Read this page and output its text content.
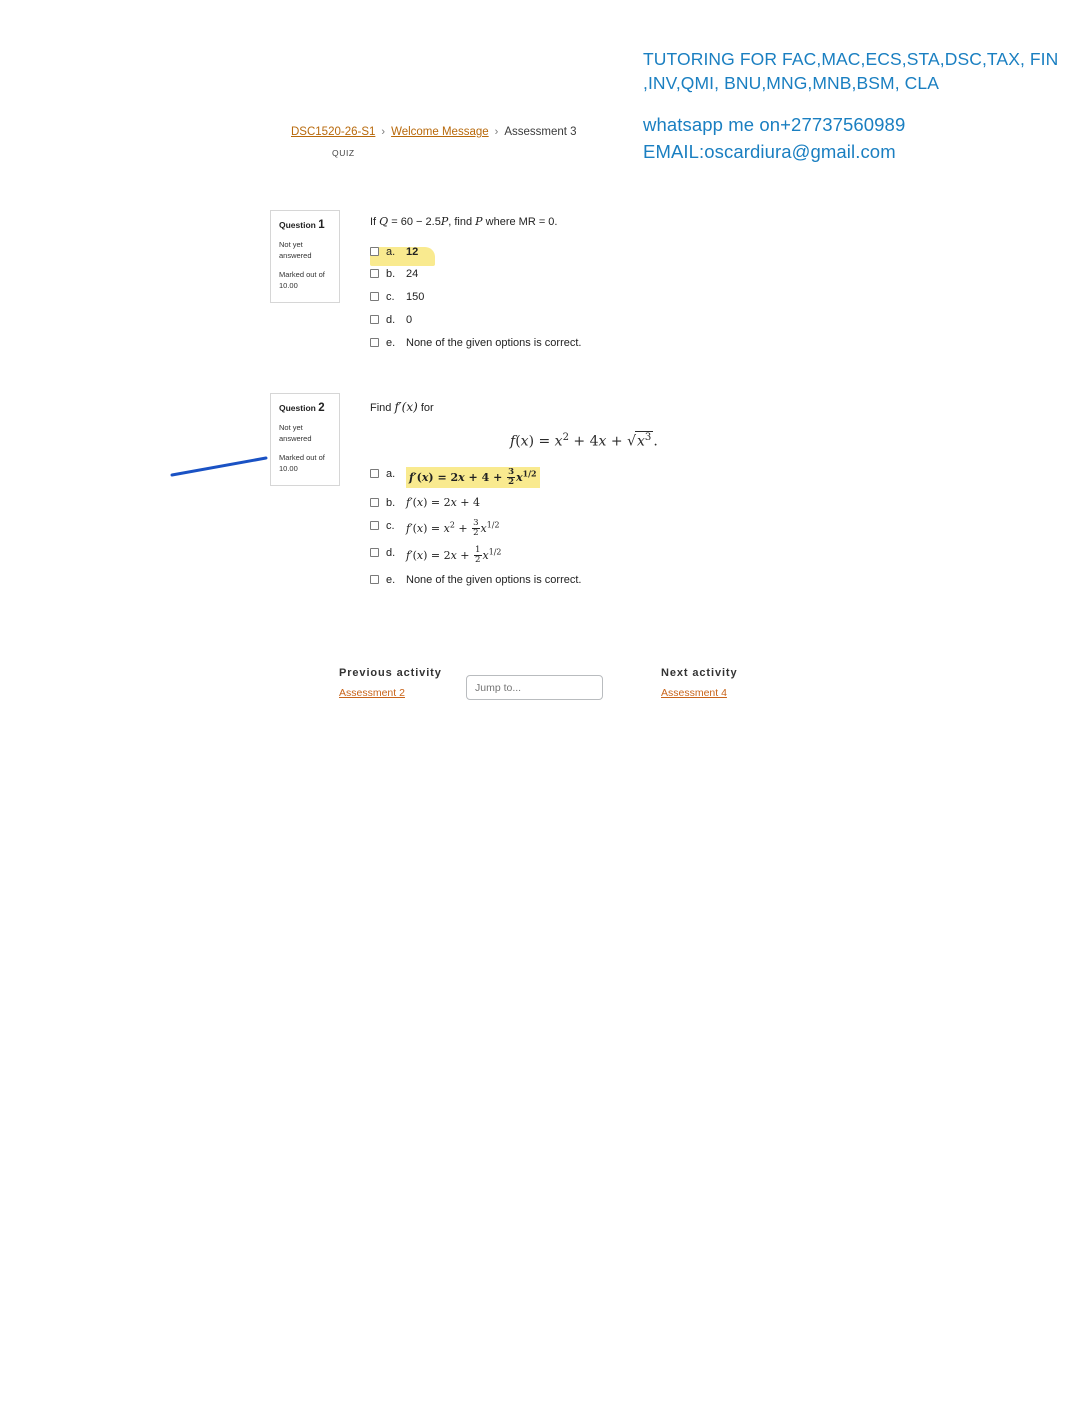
TUTORING FOR FAC,MAC,ECS,STA,DSC,TAX, FIN ,INV,QMI, BNU,MNG,MNB,BSM, CLA
whatsapp me on+27737560989
EMAIL:oscardiura@gmail.com
DSC1520-26-S1 › Welcome Message › Assessment 3
QUIZ
Question 1
Not yet answered
Marked out of
10.00
If Q = 60 − 2.5P, find P where MR = 0.
a. 12
b. 24
c.	150
d. 0
e. None of the given options is correct.
Question 2
Not yet answered
Marked out of
10.00
Find f′(x) for
$f(x) = x^2 + 4x + √x^3$ .
a.	$f'(x) = 2x + 4 + \frac{3}{2} x^{1/2}$
b. f′(x) = 2x + 4
c.	$f'(x) = x^2 + \frac{3}{2} x^{1/2}$
d. $f'(x) = 2x + \frac{1}{2} x^{1/2}$
e. None of the given options is correct.
Previous activity
Assessment 2
Jump to...
Next activity
Assessment 4
